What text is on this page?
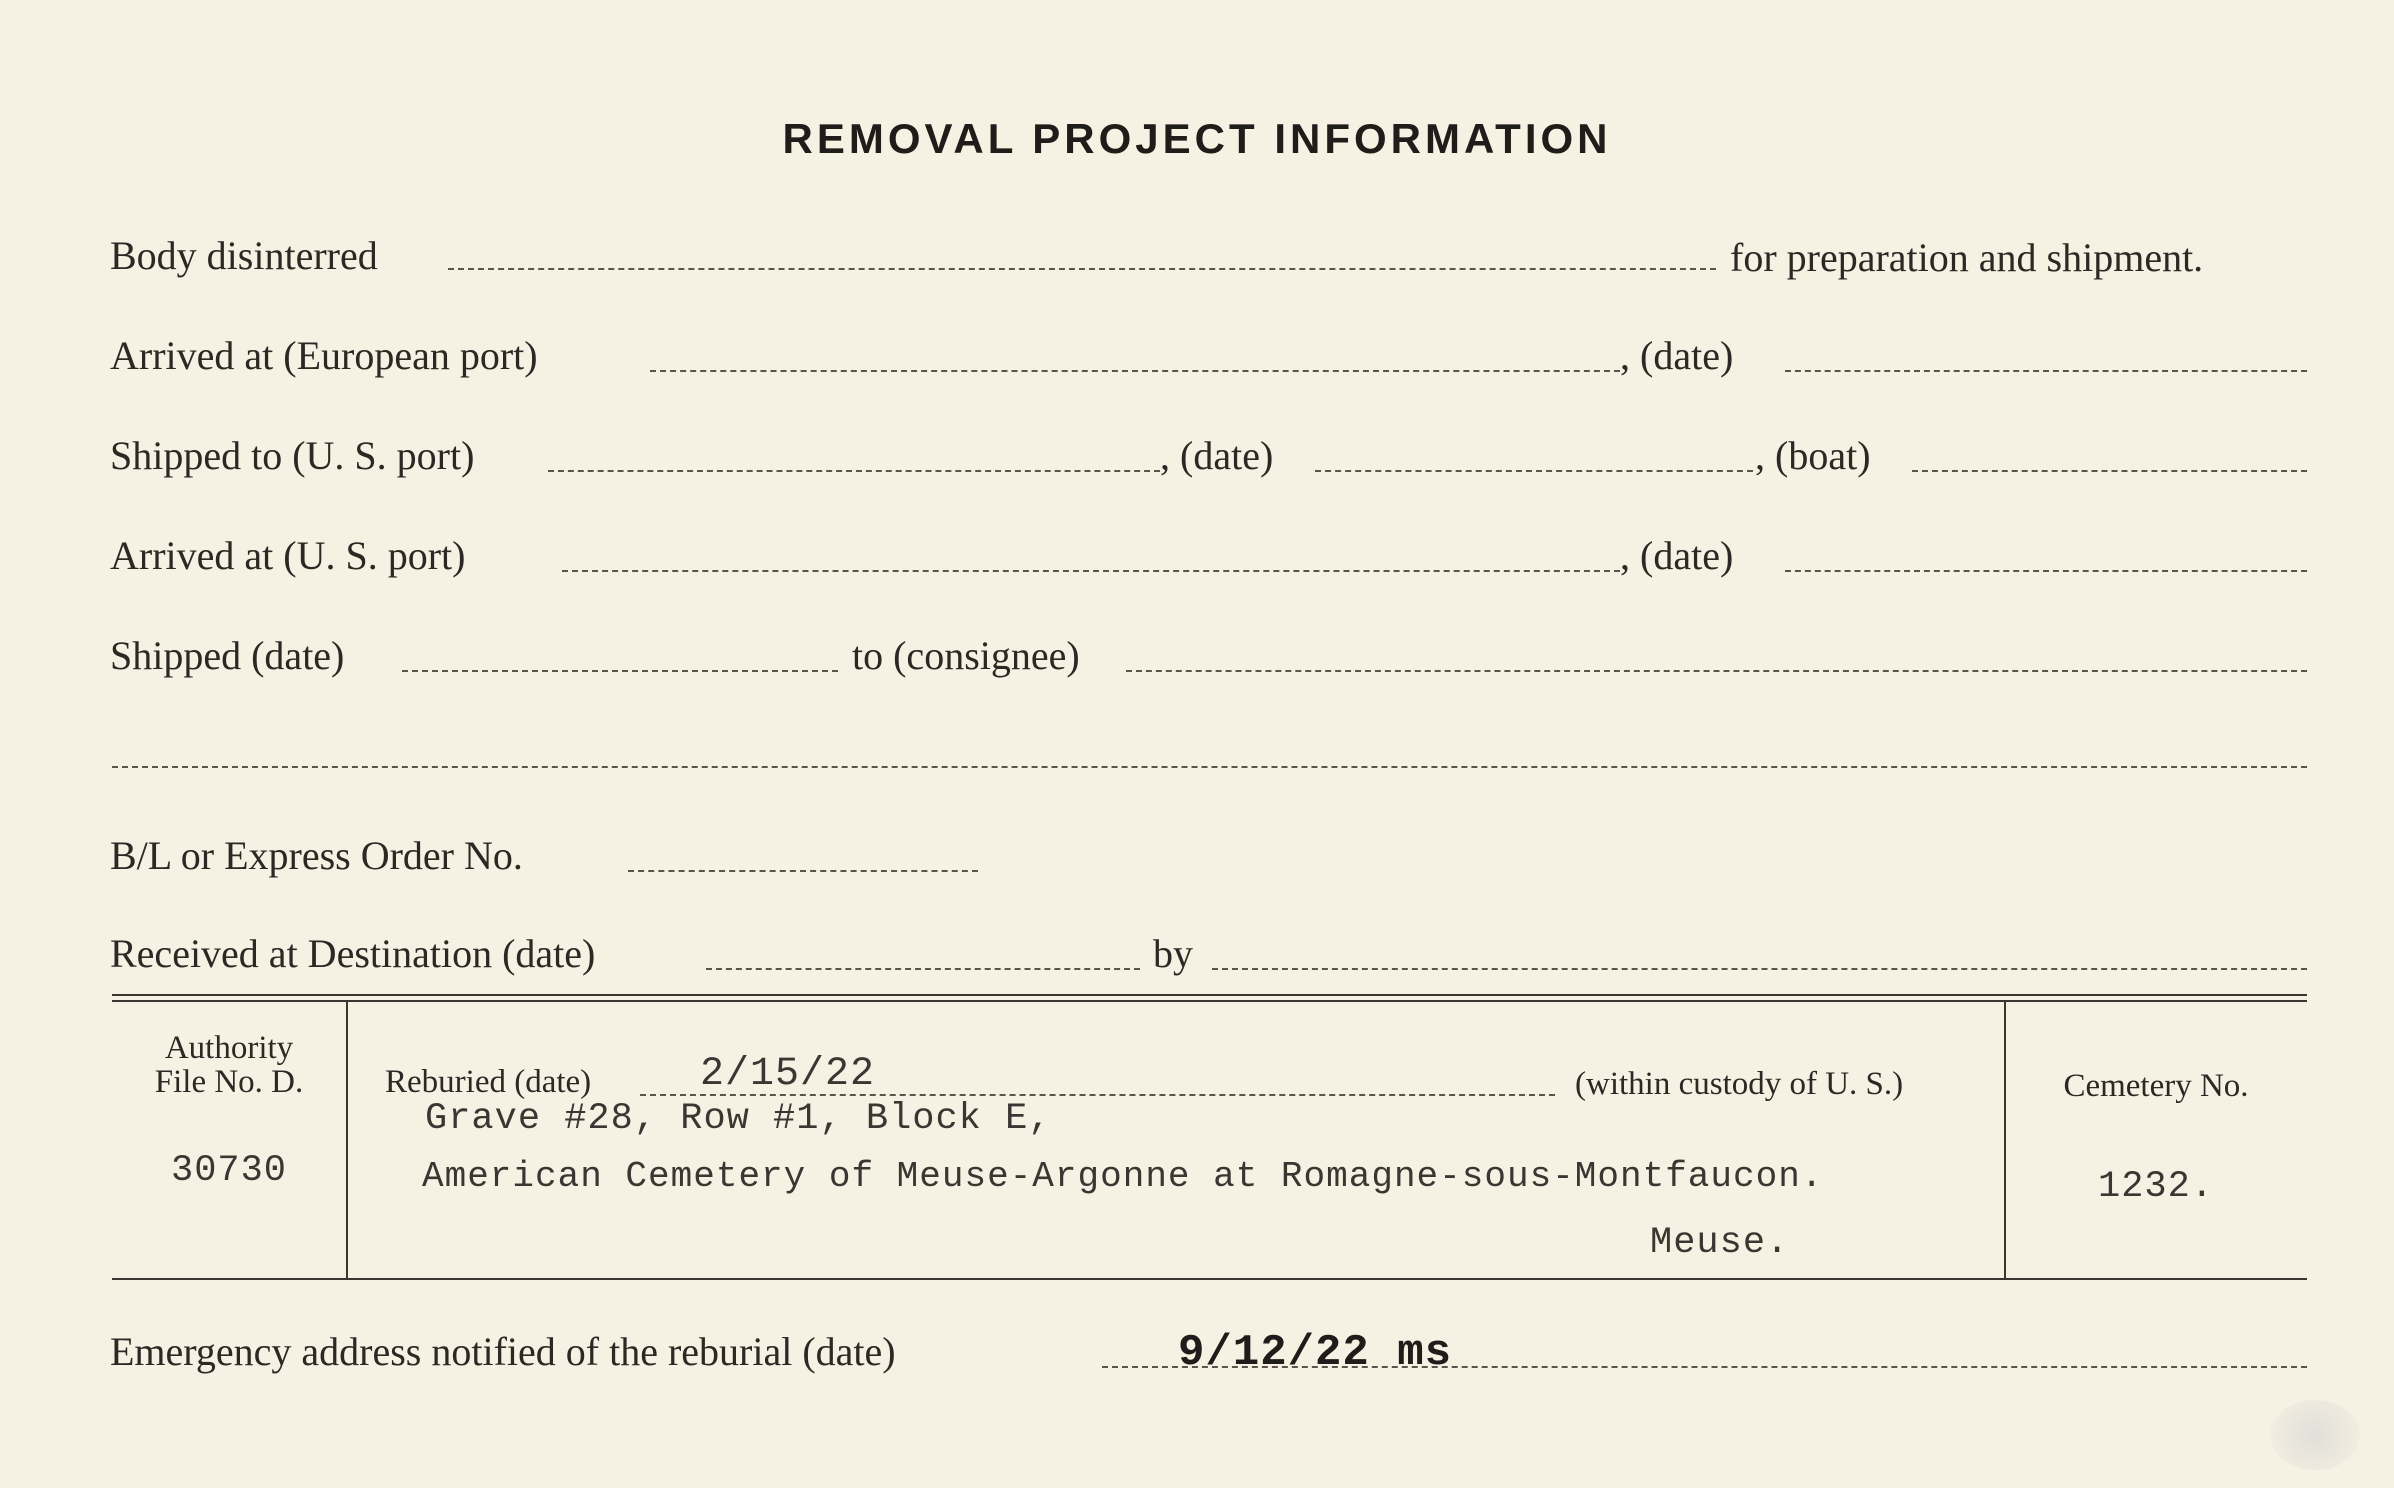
REMOVAL PROJECT INFORMATION
Body disinterred	for preparation and shipment.
Arrived at (European port)	, (date)
Shipped to (U. S. port)	, (date)	, (boat)
Arrived at (U. S. port)	, (date)
Shipped (date)	to (consignee)
B/L or Express Order No.
Received at Destination (date)	by
Authority
File No. D.
30730
Reburied (date)	2/15/22	(within custody of U. S.)
Grave #28, Row #1, Block E,
American Cemetery of Meuse-Argonne at Romagne-sous-Montfaucon.
Meuse.
Cemetery No.
1232.
Emergency address notified of the reburial (date)	9/12/22 ms
